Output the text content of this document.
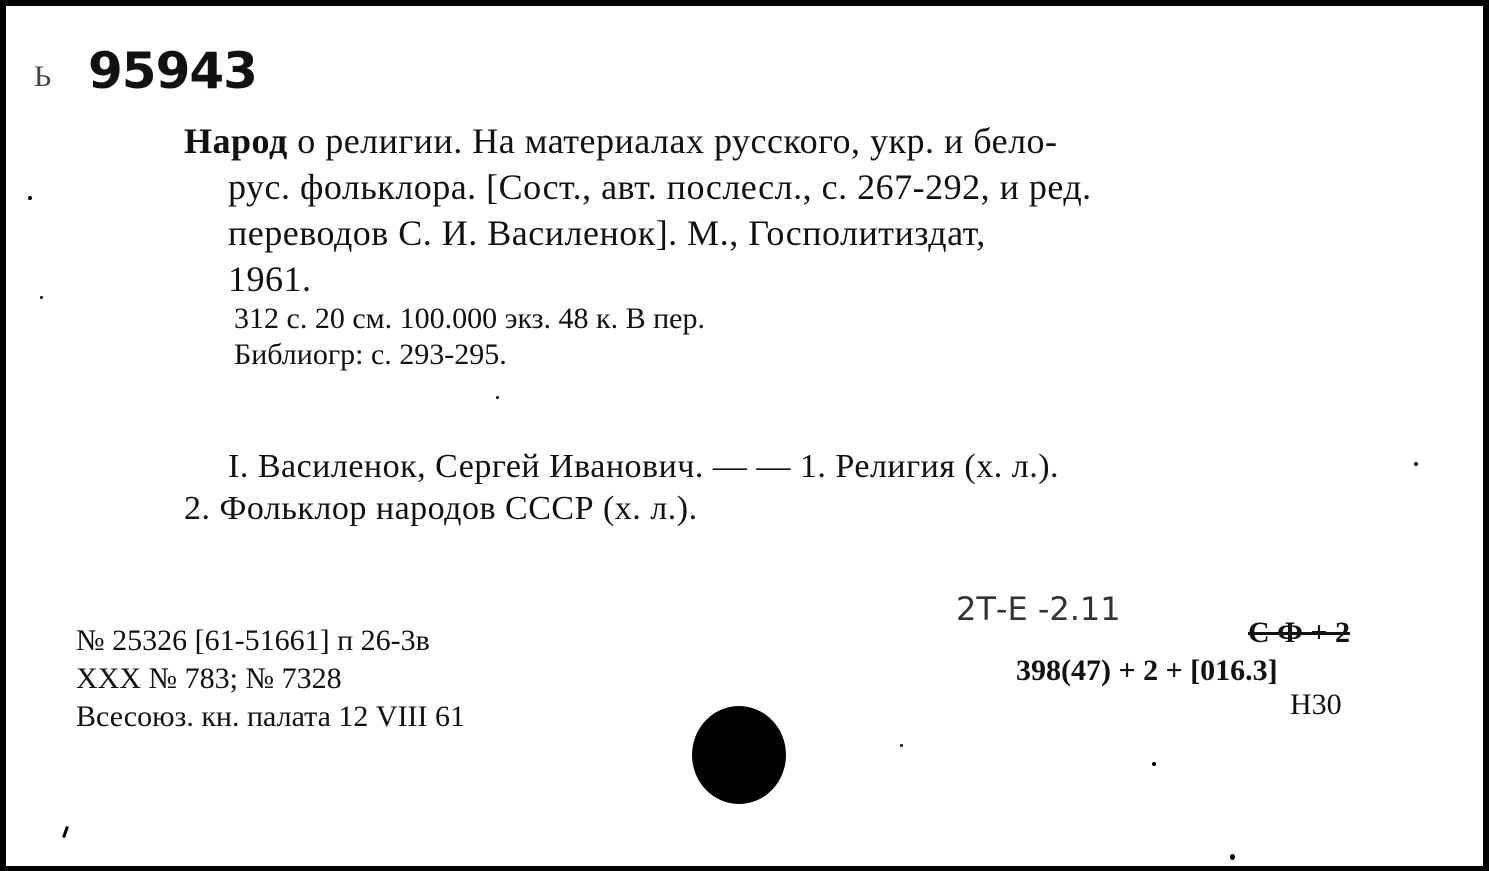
Ь 95943
Народ о религии. На материалах русского, укр. и бело-
рус. фольклора. [Сост., авт. послесл., с. 267-292, и ред.
переводов С. И. Василенок]. М., Госполитиздат,
1961.
312 с. 20 см. 100.000 экз. 48 к. В пер.
Библиогр: с. 293-295.
I. Василенок, Сергей Иванович. — — 1. Религия (х. л.).
2. Фольклор народов СССР (х. л.).
№ 25326 [61-51661] п 26-3в
XXX № 783; № 7328
Всесоюз. кн. палата 12 VIII 61
2Т-Е -2.11
С Ф + 2
398(47) + 2 + [016.3]
Н30
